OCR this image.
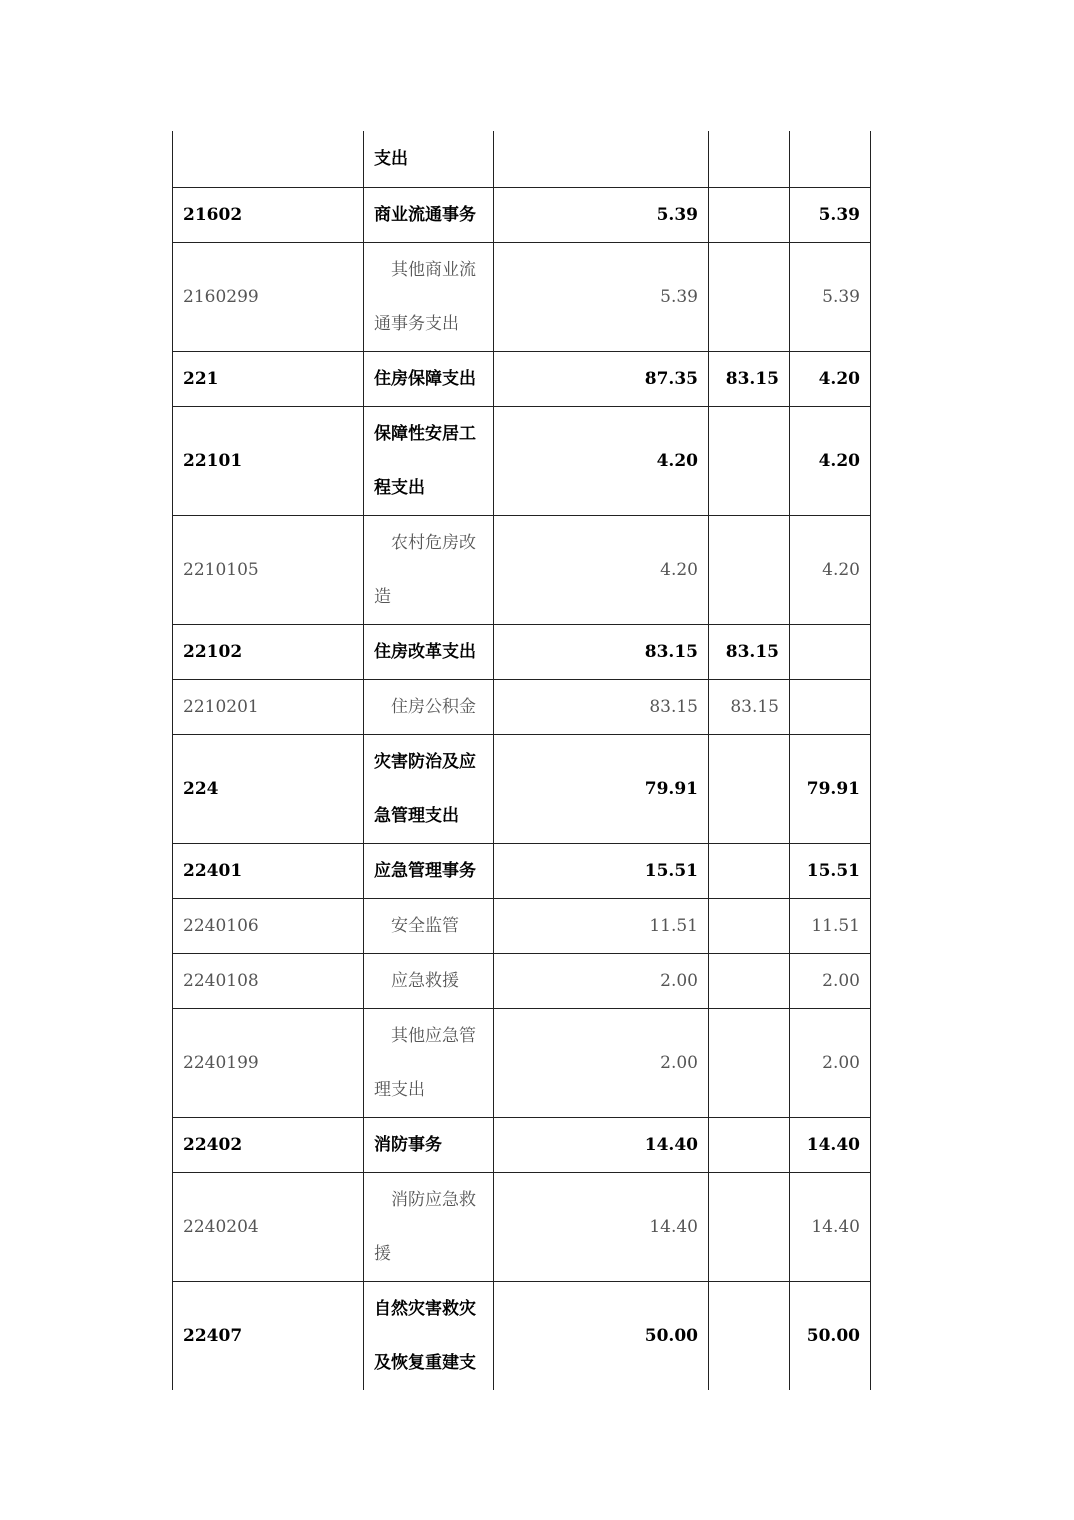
	支出			
21602	商业流通事务	5.39		5.39
2160299	其他商业流通事务支出	5.39		5.39
221	住房保障支出	87.35	83.15	4.20
22101	保障性安居工程支出	4.20		4.20
2210105	农村危房改造	4.20		4.20
22102	住房改革支出	83.15	83.15	
2210201	住房公积金	83.15	83.15	
224	灾害防治及应急管理支出	79.91		79.91
22401	应急管理事务	15.51		15.51
2240106	安全监管	11.51		11.51
2240108	应急救援	2.00		2.00
2240199	其他应急管理支出	2.00		2.00
22402	消防事务	14.40		14.40
2240204	消防应急救援	14.40		14.40
22407	自然灾害救灾及恢复重建支	50.00		50.00
